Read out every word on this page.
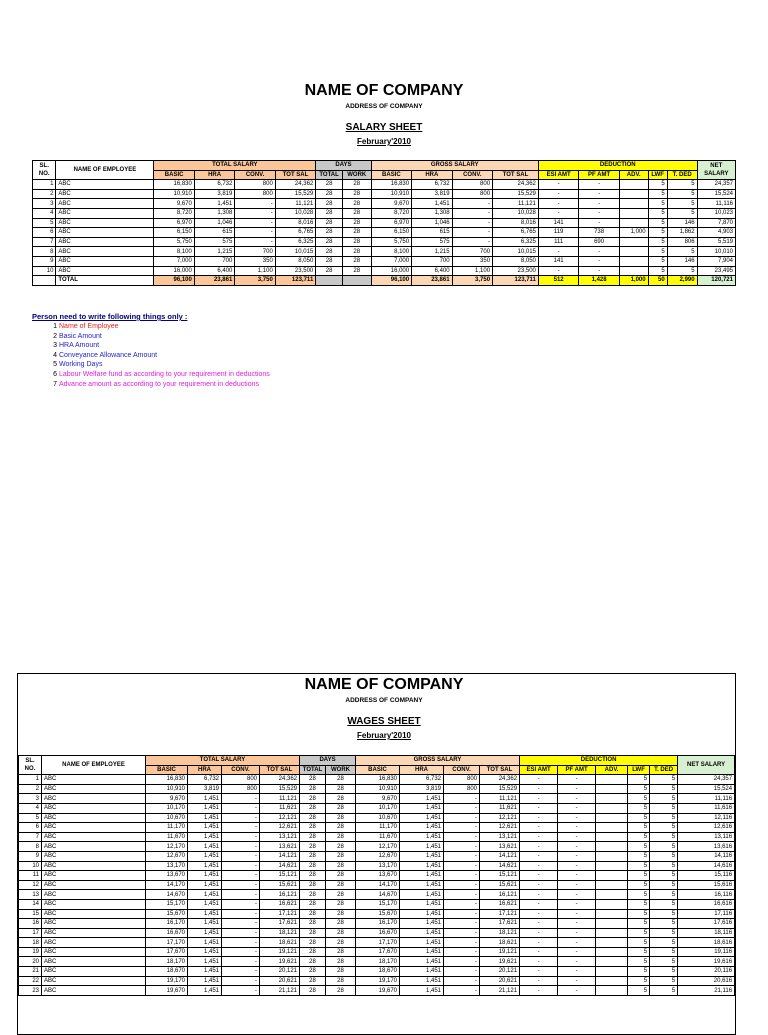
NAME OF COMPANY
ADDRESS OF COMPANY
SALARY SHEET
February'2010
SL.
NO.	NAME OF EMPLOYEE	TOTAL SALARY				DAYS		GROSS SALARY				DEDUCTION					NET
SALARY
		BASIC	HRA	CONV.	TOT SAL	TOTAL	WORK	BASIC	HRA	CONV.	TOT SAL	ESI AMT	PF AMT	ADV.	LWF	T. DED	
1	ABC	16,830	6,732	800	24,362	28	28	16,830	6,732	800	24,362	-	-		5	5	24,357
2	ABC	10,910	3,819	800	15,529	28	28	10,910	3,819	800	15,529	-	-		5	5	15,524
3	ABC	9,670	1,451	-	11,121	28	28	9,670	1,451	-	11,121	-	-		5	5	11,116
4	ABC	8,720	1,308	-	10,028	28	28	8,720	1,308	-	10,028	-	-		5	5	10,023
5	ABC	6,970	1,046	-	8,016	28	28	6,970	1,046	-	8,016	141	-		5	146	7,870
6	ABC	6,150	615	-	6,765	28	28	6,150	615	-	6,765	119	738	1,000	5	1,862	4,903
7	ABC	5,750	575	-	6,325	28	28	5,750	575	-	6,325	111	690		5	806	5,519
8	ABC	8,100	1,215	700	10,015	28	28	8,100	1,215	700	10,015	-	-		5	5	10,010
9	ABC	7,000	700	350	8,050	28	28	7,000	700	350	8,050	141	-		5	146	7,904
10	ABC	16,000	6,400	1,100	23,500	28	28	16,000	6,400	1,100	23,500	-	-		5	5	23,495
	TOTAL	96,100	23,861	3,750	123,711			96,100	23,861	3,750	123,711	512	1,428	1,000	50	2,990	120,721
Person need to write following things only :
1 Name of Employee
2 Basic Amount
3 HRA Amount
4 Conveyance Allowance Amount
5 Working Days
6 Labour Welfare fund as according to your requirement in deductions
7 Advance amount as according to your requirement in deductions
NAME OF COMPANY
ADDRESS OF COMPANY
WAGES SHEET
February'2010
SL.
NO.	NAME OF EMPLOYEE	TOTAL SALARY				DAYS		GROSS SALARY				DEDUCTION					NET SALARY
		BASIC	HRA	CONV.	TOT SAL	TOTAL	WORK	BASIC	HRA	CONV.	TOT SAL	ESI AMT	PF AMT	ADV.	LWF	T. DED	
1	ABC	16,830	6,732	800	24,362	28	28	16,830	6,732	800	24,362	-	-		5	5	24,357
2	ABC	10,910	3,819	800	15,529	28	28	10,910	3,819	800	15,529	-	-		5	5	15,524
3	ABC	9,670	1,451	-	11,121	28	28	9,670	1,451	-	11,121	-	-		5	5	11,116
4	ABC	10,170	1,451	-	11,621	28	28	10,170	1,451	-	11,621	-	-		5	5	11,616
5	ABC	10,670	1,451	-	12,121	28	28	10,670	1,451	-	12,121	-	-		5	5	12,116
6	ABC	11,170	1,451	-	12,621	28	28	11,170	1,451	-	12,621	-	-		5	5	12,616
7	ABC	11,670	1,451	-	13,121	28	28	11,670	1,451	-	13,121	-	-		5	5	13,116
8	ABC	12,170	1,451	-	13,621	28	28	12,170	1,451	-	13,621	-	-		5	5	13,616
9	ABC	12,670	1,451	-	14,121	28	28	12,670	1,451	-	14,121	-	-		5	5	14,116
10	ABC	13,170	1,451	-	14,621	28	28	13,170	1,451	-	14,621	-	-		5	5	14,616
11	ABC	13,670	1,451	-	15,121	28	28	13,670	1,451	-	15,121	-	-		5	5	15,116
12	ABC	14,170	1,451	-	15,621	28	28	14,170	1,451	-	15,621	-	-		5	5	15,616
13	ABC	14,670	1,451	-	16,121	28	28	14,670	1,451	-	16,121	-	-		5	5	16,116
14	ABC	15,170	1,451	-	16,621	28	28	15,170	1,451	-	16,621	-	-		5	5	16,616
15	ABC	15,670	1,451	-	17,121	28	28	15,670	1,451	-	17,121	-	-		5	5	17,116
16	ABC	16,170	1,451	-	17,621	28	28	16,170	1,451	-	17,621	-	-		5	5	17,616
17	ABC	16,670	1,451	-	18,121	28	28	16,670	1,451	-	18,121	-	-		5	5	18,116
18	ABC	17,170	1,451	-	18,621	28	28	17,170	1,451	-	18,621	-	-		5	5	18,616
19	ABC	17,670	1,451	-	19,121	28	28	17,670	1,451	-	19,121	-	-		5	5	19,116
20	ABC	18,170	1,451	-	19,621	28	28	18,170	1,451	-	19,621	-	-		5	5	19,616
21	ABC	18,670	1,451	-	20,121	28	28	18,670	1,451	-	20,121	-	-		5	5	20,116
22	ABC	19,170	1,451	-	20,621	28	28	19,170	1,451	-	20,621	-	-		5	5	20,616
23	ABC	19,670	1,451	-	21,121	28	28	19,670	1,451	-	21,121	-	-		5	5	21,116
